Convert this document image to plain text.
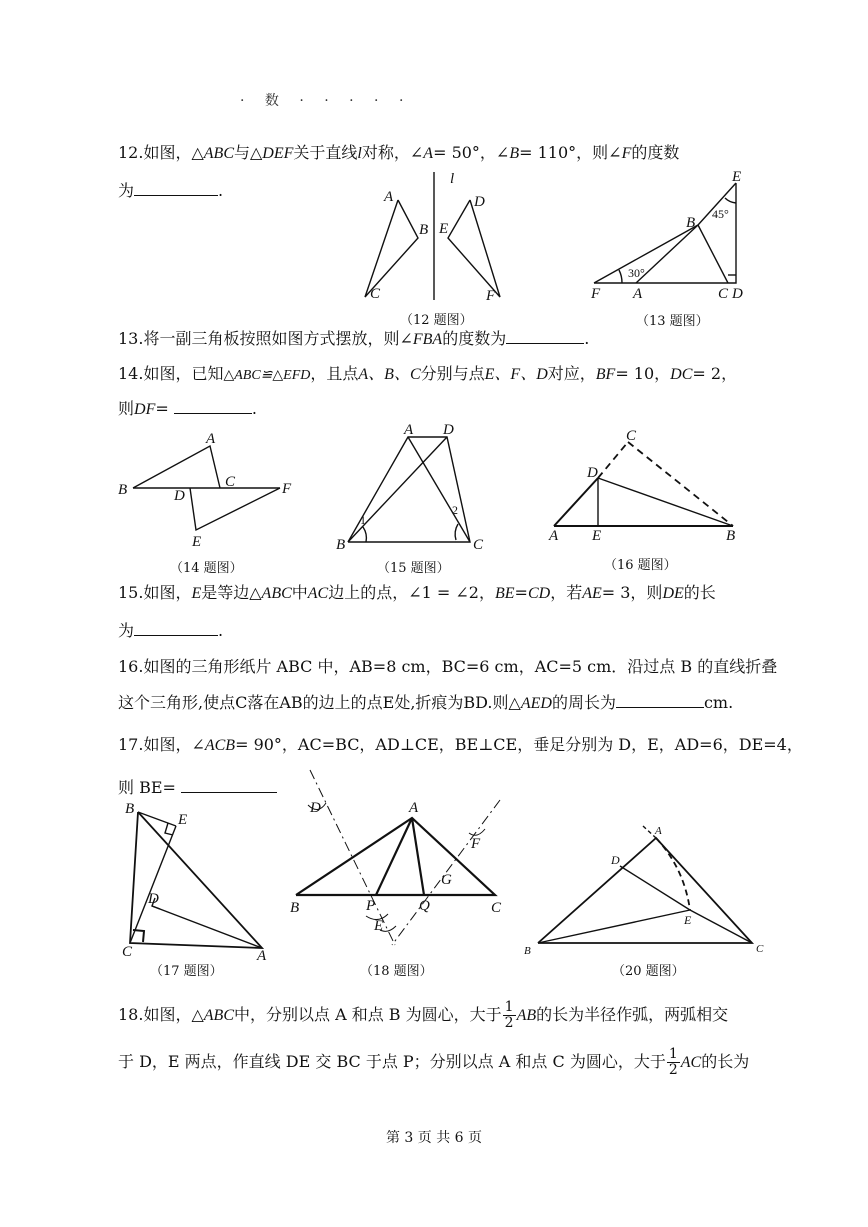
· 数 · · · · ·
12.如图，△ABC与△DEF关于直线l对称，∠A= 50°，∠B= 110°，则∠F的度数
为	.
13.将一副三角板按照如图方式摆放，则∠FBA的度数为	.
14.如图，已知△ABC≌△EFD，且点A、B、C分别与点E、F、D对应，BF= 10，DC= 2，
则DF=	.
15.如图，E是等边△ABC中AC边上的点，∠1 = ∠2，BE=CD，若AE= 3，则DE的长
为	.
16.如图的三角形纸片 ABC 中，AB=8 cm，BC=6 cm，AC=5 cm．沿过点 B 的直线折叠
这个三角形,使点C落在AB的边上的点E处,折痕为BD.则△AED的周长为	cm.
17.如图，∠ACB= 90°，AC=BC，AD⊥CE，BE⊥CE，垂足分别为 D，E，AD=6，DE=4，
则 BE=
18.如图，△ABC中，分别以点 A 和点 B 为圆心，大于 $\frac{1}{2}$ AB的长为半径作弧，两弧相交
于 D，E 两点，作直线 DE 交 BC 于点 P；分别以点 A 和点 C 为圆心，大于 $\frac{1}{2}$ AC的长为
（12 题图）	（13 题图）
（14 题图）	（15 题图）	（16 题图）
（17 题图）	（18 题图）	（20 题图）
l
A
B
C
D
E
F
E
B
F A	C D
A
B	C
D	F
E
A D
B	C
C
D
A E	B
B
E
D
C	A
A
D
F
G
B	P	Q	C
E
A
D
E
B	C
1
2
45°
30°
第 3 页 共 6 页
